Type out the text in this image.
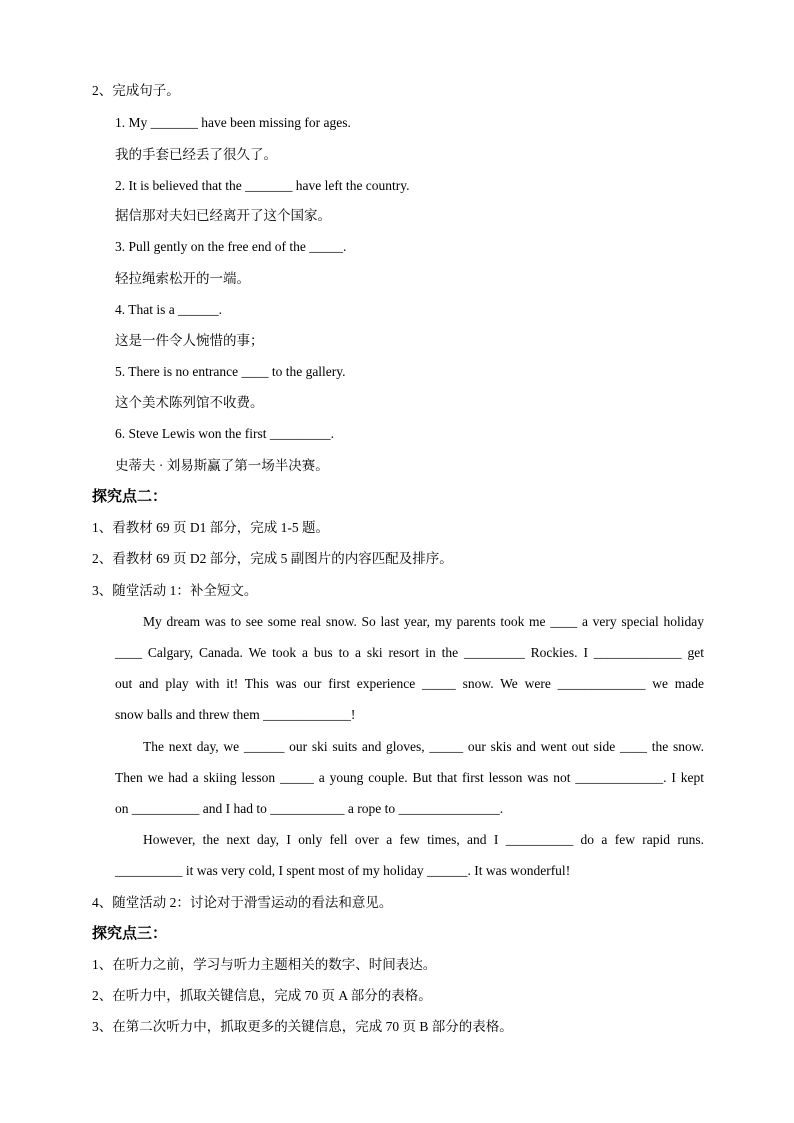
2、完成句子。
1. My _______ have been missing for ages.
我的手套已经丢了很久了。
2. It is believed that the _______ have left the country.
据信那对夫妇已经离开了这个国家。
3. Pull gently on the free end of the _____.
轻拉绳索松开的一端。
4. That is a ______.
这是一件令人惋惜的事；
5. There is no entrance ____ to the gallery.
这个美术陈列馆不收费。
6. Steve Lewis won the first _________.
史蒂夫 · 刘易斯赢了第一场半决赛。
探究点二：
1、看教材 69 页 D1 部分，完成 1-5 题。
2、看教材 69 页 D2 部分，完成 5 副图片的内容匹配及排序。
3、随堂活动 1：补全短文。
My dream was to see some real snow. So last year, my parents took me ____ a very special holiday
____ Calgary, Canada. We took a bus to a ski resort in the _________ Rockies. I _____________ get
out and play with it! This was our first experience _____ snow. We were _____________ we made
snow balls and threw them _____________!
The next day, we ______ our ski suits and gloves, _____ our skis and went out side ____ the snow.
Then we had a skiing lesson _____ a young couple. But that first lesson was not _____________. I kept
on __________ and I had to ___________ a rope to _______________.
However, the next day, I only fell over a few times, and I __________ do a few rapid runs.
__________ it was very cold, I spent most of my holiday ______. It was wonderful!
4、随堂活动 2：讨论对于滑雪运动的看法和意见。
探究点三：
1、在听力之前，学习与听力主题相关的数字、时间表达。
2、在听力中，抓取关键信息，完成 70 页 A 部分的表格。
3、在第二次听力中，抓取更多的关键信息，完成 70 页 B 部分的表格。
